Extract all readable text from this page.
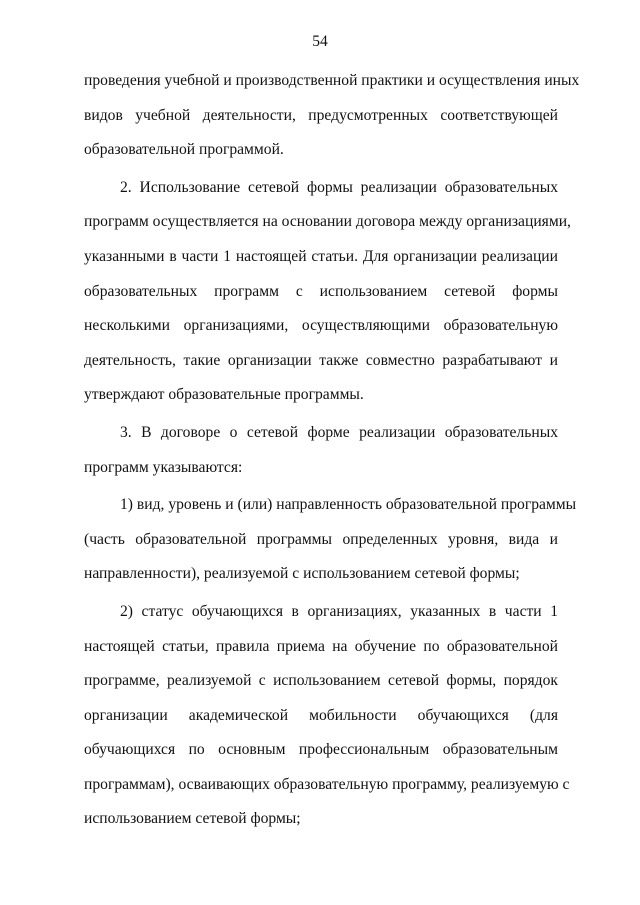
54
проведения учебной и производственной практики и осуществления иных
видов учебной деятельности, предусмотренных соответствующей
образовательной программой.
2. Использование сетевой формы реализации образовательных
программ осуществляется на основании договора между организациями,
указанными в части 1 настоящей статьи. Для организации реализации
образовательных программ с использованием сетевой формы
несколькими организациями, осуществляющими образовательную
деятельность, такие организации также совместно разрабатывают и
утверждают образовательные программы.
3. В договоре о сетевой форме реализации образовательных
программ указываются:
1) вид, уровень и (или) направленность образовательной программы
(часть образовательной программы определенных уровня, вида и
направленности), реализуемой с использованием сетевой формы;
2) статус обучающихся в организациях, указанных в части 1
настоящей статьи, правила приема на обучение по образовательной
программе, реализуемой с использованием сетевой формы, порядок
организации академической мобильности обучающихся (для
обучающихся по основным профессиональным образовательным
программам), осваивающих образовательную программу, реализуемую с
использованием сетевой формы;
